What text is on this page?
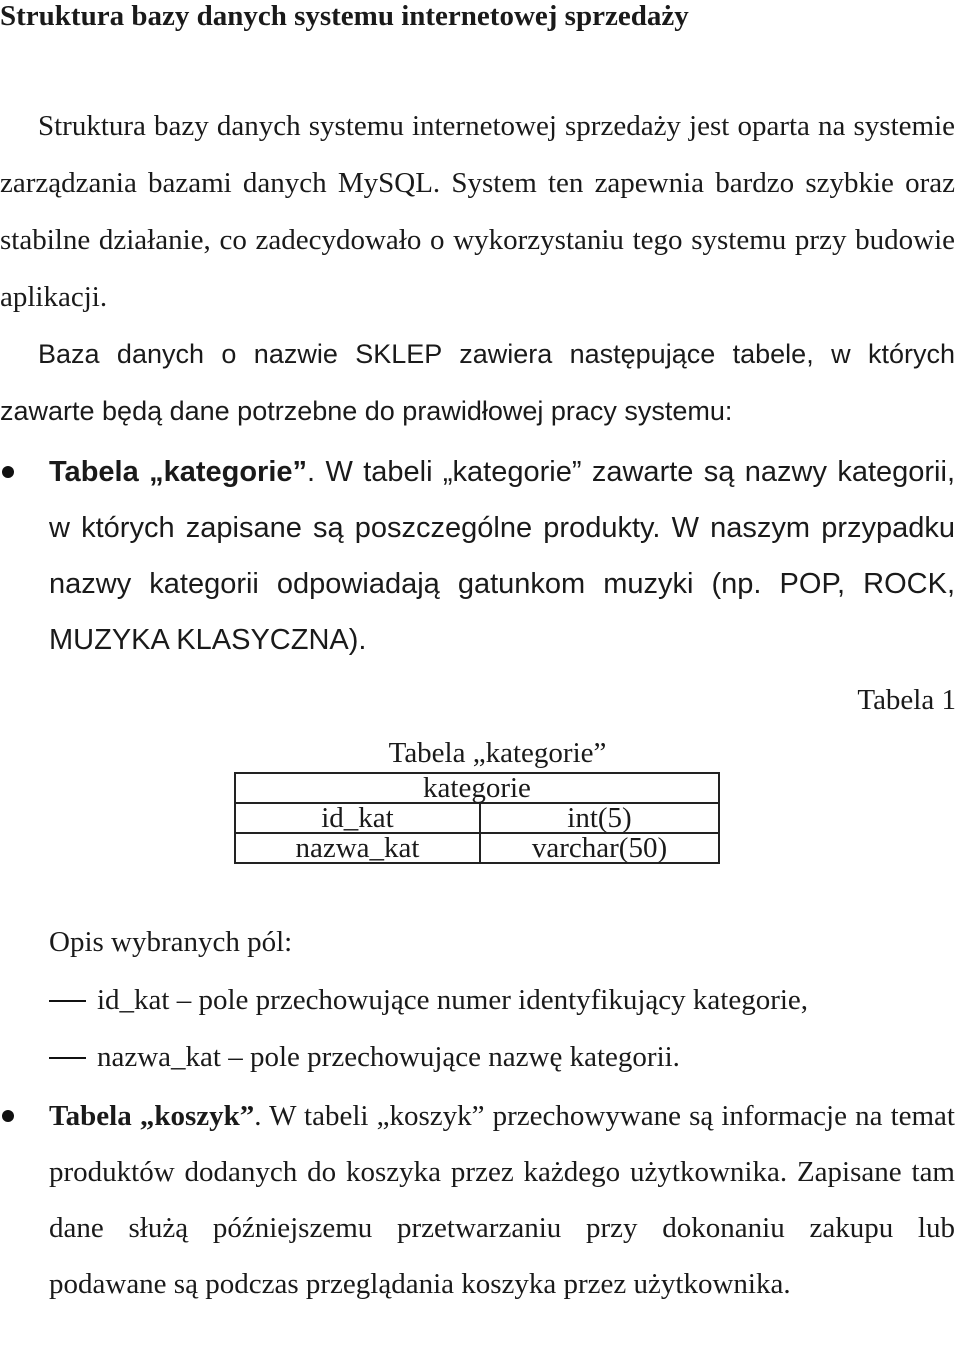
Struktura bazy danych systemu internetowej sprzedaży
Struktura bazy danych systemu internetowej sprzedaży jest oparta na systemie zarządzania bazami danych MySQL. System ten zapewnia bardzo szybkie oraz stabilne działanie, co zadecydowało o wykorzystaniu tego systemu przy budowie aplikacji.
Baza danych o nazwie SKLEP zawiera następujące tabele, w których zawarte będą dane potrzebne do prawidłowej pracy systemu:
Tabela „kategorie”. W tabeli „kategorie” zawarte są nazwy kategorii, w których zapisane są poszczególne produkty. W naszym przypadku nazwy kategorii odpowiadają gatunkom muzyki (np. POP, ROCK, MUZYKA KLASYCZNA).
Tabela 1
Tabela „kategorie”
kategorie	
id_kat	int(5)
nazwa_kat	varchar(50)
Opis wybranych pól:
id_kat – pole przechowujące numer identyfikujący kategorie,
nazwa_kat – pole przechowujące nazwę kategorii.
Tabela „koszyk”. W tabeli „koszyk” przechowywane są informacje na temat produktów dodanych do koszyka przez każdego użytkownika. Zapisane tam dane służą późniejszemu przetwarzaniu przy dokonaniu zakupu lub podawane są podczas przeglądania koszyka przez użytkownika.
